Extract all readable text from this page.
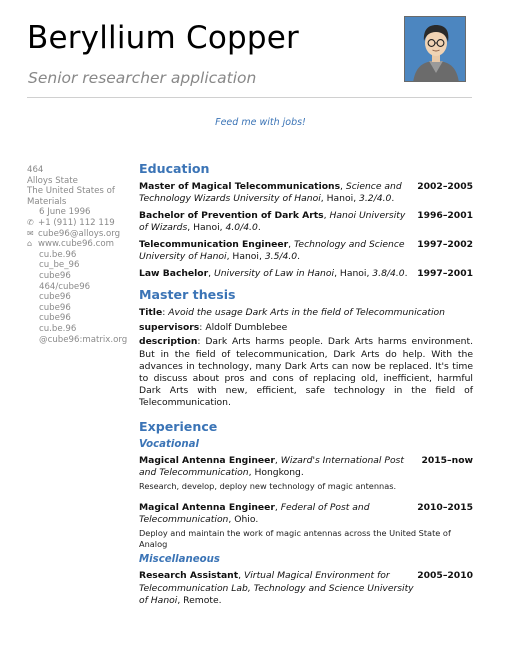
Beryllium Copper
Senior researcher application
Feed me with jobs!
464
Alloys State
The United States of Materials
6 June 1996
✆ +1 (911) 112 119
✉ cube96@alloys.org
⌂ www.cube96.com
cu.be.96
cu_be_96
cube96
464/cube96
cube96
cube96
cube96
cu.be.96
@cube96:matrix.org
Education
Master of Magical Telecommunications, Science and Technology Wizards University of Hanoi, Hanoi, 3.2/4.0.
2002–2005
Bachelor of Prevention of Dark Arts, Hanoi University of Wizards, Hanoi, 4.0/4.0.
1996–2001
Telecommunication Engineer, Technology and Science University of Hanoi, Hanoi, 3.5/4.0.
1997–2002
Law Bachelor, University of Law in Hanoi, Hanoi, 3.8/4.0.	1997–2001
Master thesis

Title: Avoid the usage Dark Arts in the field of Telecommunication

supervisors: Aldolf Dumblebee

description: Dark Arts harms people. Dark Arts harms environment. But in the field of telecommunication, Dark Arts do help. With the advances in technology, many Dark Arts can now be replaced. It's time to discuss about pros and cons of replacing old, inefficient, harmful Dark Arts with new, efficient, safe technology in the field of Telecommunication.

Experience
Vocational
Magical Antenna Engineer, Wizard's International Post and Telecommunication, Hongkong.
2015–now
Research, develop, deploy new technology of magic antennas.
Magical Antenna Engineer, Federal of Post and Telecommunication, Ohio.
2010–2015
Deploy and maintain the work of magic antennas across the United State of Analog
Miscellaneous
Research Assistant, Virtual Magical Environment for Telecommunication Lab, Technology and Science University of Hanoi, Remote.
2005–2010
